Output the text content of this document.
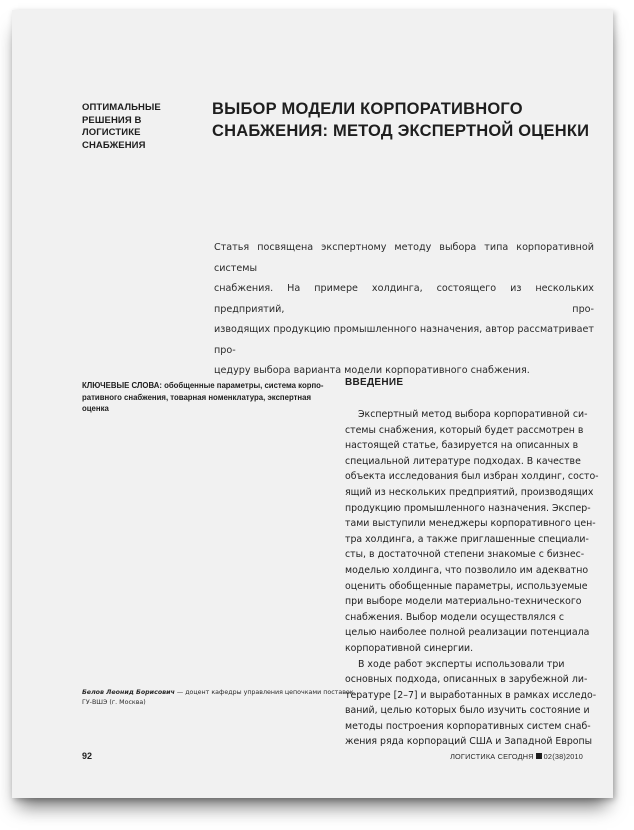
ОПТИМАЛЬНЫЕ
РЕШЕНИЯ В ЛОГИСТИКЕ
СНАБЖЕНИЯ
ВЫБОР МОДЕЛИ КОРПОРАТИВНОГО
СНАБЖЕНИЯ: МЕТОД ЭКСПЕРТНОЙ ОЦЕНКИ
Статья посвящена экспертному методу выбора типа корпоративной системы
снабжения. На примере холдинга, состоящего из нескольких предприятий, про-
изводящих продукцию промышленного назначения, автор рассматривает про-
цедуру выбора варианта модели корпоративного снабжения.
КЛЮЧЕВЫЕ СЛОВА: обобщенные параметры, система корпо-
ративного снабжения, товарная номенклатура, экспертная
оценка
ВВЕДЕНИЕ
Экспертный метод выбора корпоративной си-
стемы снабжения, который будет рассмотрен в
настоящей статье, базируется на описанных в
специальной литературе подходах. В качестве
объекта исследования был избран холдинг, состо-
ящий из нескольких предприятий, производящих
продукцию промышленного назначения. Экспер-
тами выступили менеджеры корпоративного цен-
тра холдинга, а также приглашенные специали-
сты, в достаточной степени знакомые с бизнес-
моделью холдинга, что позволило им адекватно
оценить обобщенные параметры, используемые
при выборе модели материально-технического
снабжения. Выбор модели осуществлялся с
целью наиболее полной реализации потенциала
корпоративной синергии.
В ходе работ эксперты использовали три
основных подхода, описанных в зарубежной ли-
тературе [2–7] и выработанных в рамках исследо-
ваний, целью которых было изучить состояние и
методы построения корпоративных систем снаб-
жения ряда корпораций США и Западной Европы
Белов Леонид Борисович — доцент кафедры управления цепочками поставок
ГУ-ВШЭ (г. Москва)
92	ЛОГИСТИКА СЕГОДНЯ 02(38)2010
